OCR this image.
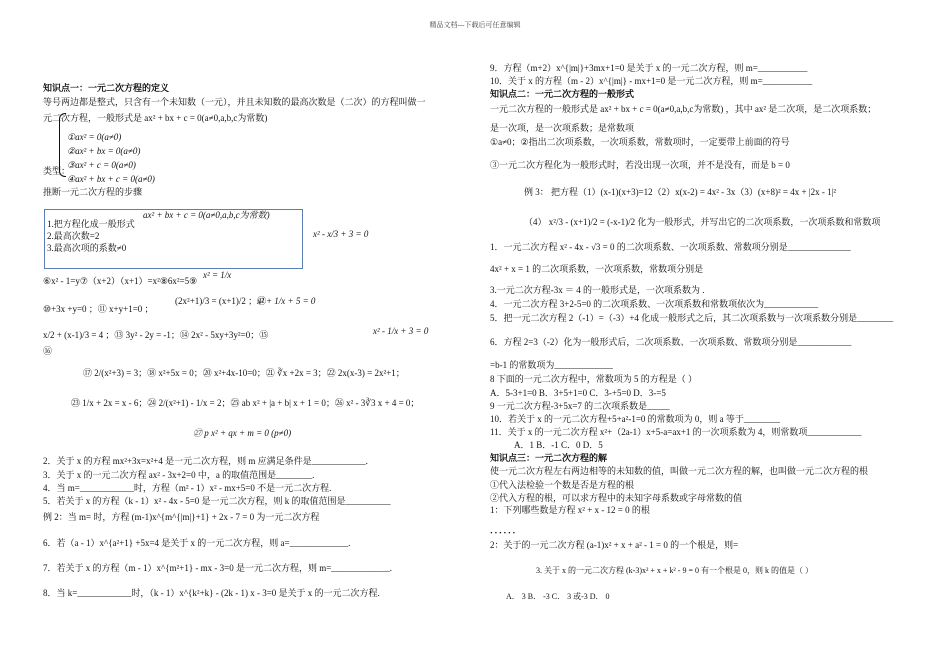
精品文档---下载后可任意编辑
知识点一：一元二次方程的定义
等号两边都是整式，只含有一个未知数（一元），并且未知数的最高次数是（二次）的方程叫做一
元二次方程，一般形式是 ax² + bx + c = 0(a≠0,a,b,c为常数)
①ax² = 0(a≠0)
②ax² + bx = 0(a≠0)
③ax² + c = 0(a≠0)
④ax² + bx + c = 0(a≠0)
类型：
推断一元二次方程的步骤
ax² + bx + c = 0(a≠0,a,b,c为常数)
1.把方程化成一般形式
2.最高次数=2
3.最高次项的系数≠0
x² - x/3 + 3 = 0
⑥x² - 1=y⑦（x+2）（x+1）=x²⑧6x²=5⑨
x² = 1/x
⑩+3x +y=0 ；⑪ x+y+1=0 ；
(2x²+1)/3 = (x+1)/2 ；⑫
x² + 1/x + 5 = 0
x/2 + (x-1)/3 = 4 ；⑬ 3y² - 2y = -1；⑭ 2x² - 5xy+3y²=0；⑮	x² - 1/x + 3 = 0
⑯
⑰ 2/(x²+3) = 3；⑱ x²+5x = 0；⑳ x²+4x-10=0；㉑ ∛x +2x = 3；㉒ 2x(x-3) = 2x²+1；
㉓ 1/x + 2x = x - 6；㉔ 2/(x²+1) - 1/x = 2；㉕ ab x² + |a + b| x + 1 = 0；㉖ x² - 3∛3 x + 4 = 0；
㉗ p x² + qx + m = 0 (p≠0)
2．关于 x 的方程 mx²+3x=x²+4 是一元二次方程，则 m 应满足条件是____________.
3．关于 x 的一元二次方程 ax² - 3x+2=0 中，a 的取值范围是________.
4．当 m=____________时，方程（m² - 1）x² - mx+5=0 不是一元二次方程.
5．若关于 x 的方程（k - 1）x² - 4x - 5=0 是一元二次方程，则 k 的取值范围是__________
例 2：当 m= 时，方程 (m-1)x^{m^{|m|}+1} + 2x - 7 = 0 为一元二次方程
6．若（a - 1）x^{a²+1} +5x=4 是关于 x 的一元二次方程，则 a=_____________.
7．若关于 x 的方程（m - 1）x^{m²+1} - mx - 3=0 是一元二次方程，则 m=_____________.
8．当 k=____________时，（k - 1）x^{k²+k} - (2k - 1) x - 3=0 是关于 x 的一元二次方程.
9．方程（m+2）x^{|m|}+3mx+1=0 是关于 x 的一元二次方程，则 m=___________
10．关于 x 的方程（m - 2）x^{|m|} - mx+1=0 是一元二次方程，则 m=___________
知识点二：一元二次方程的一般形式
一元二次方程的一般形式是 ax² + bx + c = 0(a≠0,a,b,c为常数) ，其中 ax² 是二次项，是二次项系数；
是一次项，是一次项系数；是常数项
①a≠0；②指出二次项系数，一次项系数，常数项时，一定要带上前面的符号
③一元二次方程化为一般形式时，若没出现一次项，并不是没有，而是 b = 0
例 3： 把方程（1）(x-1)(x+3)=12（2）x(x-2) = 4x² - 3x（3）(x+8)² = 4x + |2x - 1|²
（4） x²/3 - (x+1)/2 = (-x-1)/2 化为一般形式，并写出它的二次项系数，一次项系数和常数项
1．一元二次方程 x² - 4x - √3 = 0 的二次项系数、一次项系数、常数项分别是______________
4x² + x = 1 的二次项系数，一次项系数，常数项分别是
3.一元二次方程-3x ＝ 4 的一般形式是，一次项系数为 .
4．一元二次方程 3+2-5=0 的二次项系数、一次项系数和常数项依次为____________
5．把一元二次方程 2（-1）=（-3）+4 化成一般形式之后，其二次项系数与一次项系数分别是________
6．方程 2=3（-2）化为一般形式后，二次项系数、一次项系数、常数项分别是____________
=b-1 的常数项为_____________
8 下面的一元二次方程中，常数项为 5 的方程是（ ）
A．5-3+1=0 B．3+5+1=0 C．3-+5=0 D．3-=5
9 一元二次方程-3+5x=7 的二次项系数是_____
10．若关于 x 的一元二次方程+5+a²-1=0 的常数项为 0，则 a 等于________
11．关于 x 的一元二次方程 x²+（2a-1）x+5-a=ax+1 的一次项系数为 4，则常数项____________
A．1 B．-1 C．0 D．5
知识点三：一元二次方程的解
使一元二次方程左右两边相等的未知数的值，叫做一元二次方程的解，也叫做一元二次方程的根
①代入法检验一个数是否是方程的根
②代入方程的根，可以求方程中的未知字母系数或字母常数的值
1：下列哪些数是方程 x² + x - 12 = 0 的根
．．．．．．
2：关于的一元二次方程 (a-1)x² + x + a² - 1 = 0 的一个根是，则=
3. 关于 x 的一元二次方程 (k-3)x² + x + k² - 9 = 0 有一个根是 0，则 k 的值是（ ）
A． 3 B． -3 C． 3 或-3 D． 0
